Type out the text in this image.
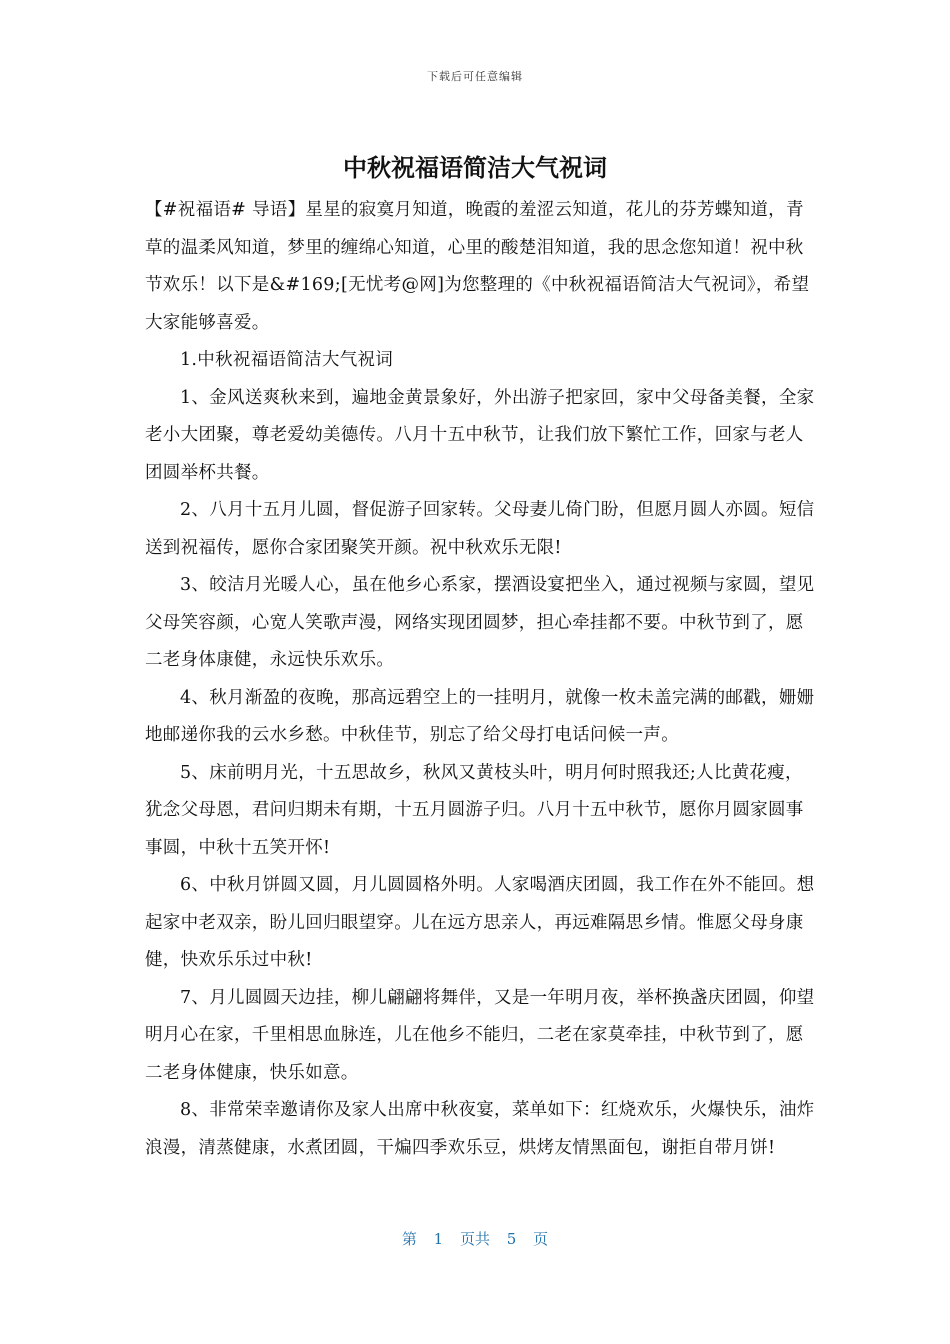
下载后可任意编辑
中秋祝福语简洁大气祝词

【#祝福语# 导语】星星的寂寞月知道，晚霞的羞涩云知道，花儿的芬芳蝶知道，青草的温柔风知道，梦里的缠绵心知道，心里的酸楚泪知道，我的思念您知道！祝中秋节欢乐！以下是&#169;[无忧考@网]为您整理的《中秋祝福语简洁大气祝词》，希望大家能够喜爱。

1.中秋祝福语简洁大气祝词

1、金风送爽秋来到，遍地金黄景象好，外出游子把家回，家中父母备美餐，全家老小大团聚，尊老爱幼美德传。八月十五中秋节，让我们放下繁忙工作，回家与老人团圆举杯共餐。

2、八月十五月儿圆，督促游子回家转。父母妻儿倚门盼，但愿月圆人亦圆。短信送到祝福传，愿你合家团聚笑开颜。祝中秋欢乐无限!

3、皎洁月光暖人心，虽在他乡心系家，摆酒设宴把坐入，通过视频与家圆，望见父母笑容颜，心宽人笑歌声漫，网络实现团圆梦，担心牵挂都不要。中秋节到了，愿二老身体康健，永远快乐欢乐。

4、秋月渐盈的夜晚，那高远碧空上的一挂明月，就像一枚未盖完满的邮戳，姗姗地邮递你我的云水乡愁。中秋佳节，别忘了给父母打电话问候一声。

5、床前明月光，十五思故乡，秋风又黄枝头叶，明月何时照我还;人比黄花瘦，犹念父母恩，君问归期未有期，十五月圆游子归。八月十五中秋节，愿你月圆家圆事事圆，中秋十五笑开怀!

6、中秋月饼圆又圆，月儿圆圆格外明。人家喝酒庆团圆，我工作在外不能回。想起家中老双亲，盼儿回归眼望穿。儿在远方思亲人，再远难隔思乡情。惟愿父母身康健，快欢乐乐过中秋!

7、月儿圆圆天边挂，柳儿翩翩将舞伴，又是一年明月夜，举杯换盏庆团圆，仰望明月心在家，千里相思血脉连，儿在他乡不能归，二老在家莫牵挂，中秋节到了，愿二老身体健康，快乐如意。

8、非常荣幸邀请你及家人出席中秋夜宴，菜单如下：红烧欢乐，火爆快乐，油炸浪漫，清蒸健康，水煮团圆，干煸四季欢乐豆，烘烤友情黑面包，谢拒自带月饼!

第 1 页共 5 页
